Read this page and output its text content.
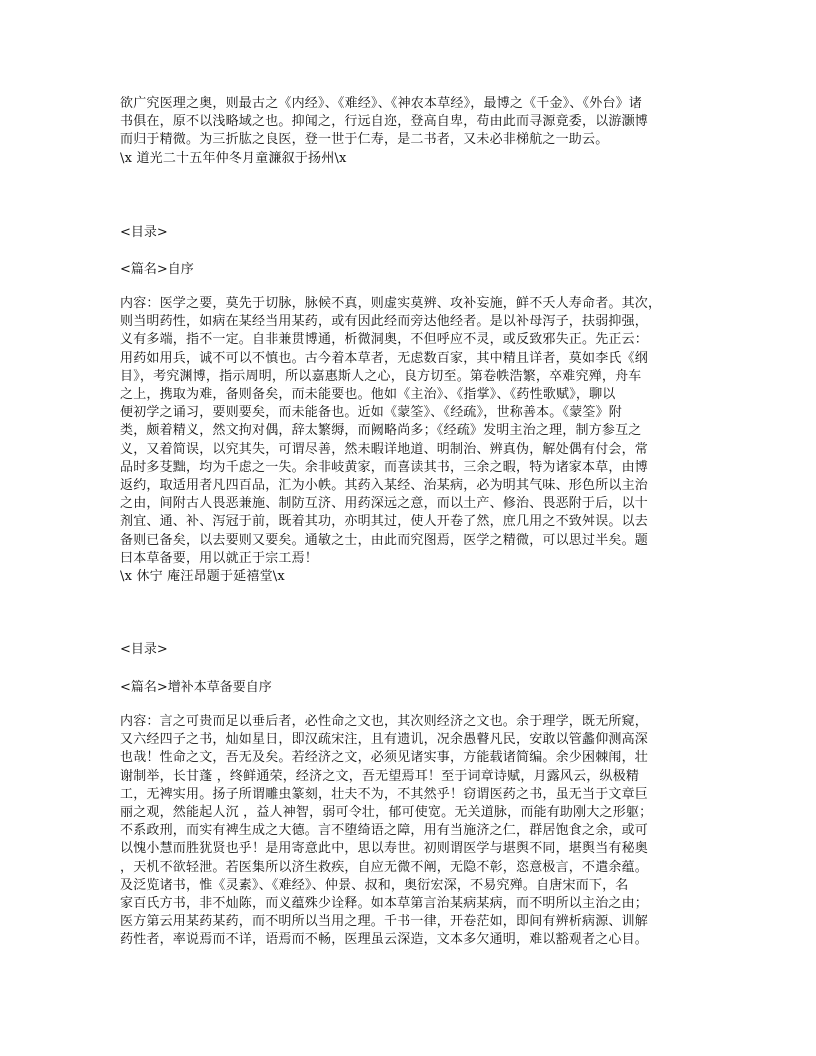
欲广究医理之奥，则最古之《内经》、《难经》、《神农本草经》，最博之《千金》、《外台》诸
书俱在，原不以浅略域之也。抑闻之，行远自迩，登高自卑，苟由此而寻源竟委，以游灏博
而归于精微。为三折肱之良医，登一世于仁寿，是二书者，又未必非梯航之一助云。
\x 道光二十五年仲冬月童濂叙于扬州\x

<目录>

<篇名>自序

内容：医学之要，莫先于切脉，脉候不真，则虚实莫辨、攻补妄施，鲜不夭人寿命者。其次，
则当明药性，如病在某经当用某药，或有因此经而旁达他经者。是以补母泻子，扶弱抑强，
义有多端，指不一定。自非兼贯博通，析微洞奥，不但呼应不灵，或反致邪失正。先正云：
用药如用兵，诚不可以不慎也。古今着本草者，无虑数百家，其中精且详者，莫如李氏《纲
目》，考究渊博，指示周明，所以嘉惠斯人之心，良方切至。第卷帙浩繁，卒难究殚，舟车
之上，携取为难，备则备矣，而未能要也。他如《主治》、《指掌》、《药性歌赋》，聊以
便初学之诵习，要则要矣，而未能备也。近如《蒙筌》、《经疏》，世称善本。《蒙筌》附
类，颇着精义，然文拘对偶，辞太繁缛，而阙略尚多；《经疏》发明主治之理，制方参互之
义，又着简误，以究其失，可谓尽善，然未暇详地道、明制治、辨真伪，解处偶有付会，常
品时多芟黜，均为千虑之一失。余非岐黄家，而喜读其书，三余之暇，特为诸家本草，由博
返约，取适用者凡四百品，汇为小帙。其药入某经、治某病，必为明其气味、形色所以主治
之由，间附古人畏恶兼施、制防互济、用药深远之意，而以土产、修治、畏恶附于后，以十
剂宜、通、补、泻冠于前，既着其功，亦明其过，使人开卷了然，庶几用之不致舛误。以去
备则已备矣，以去要则又要矣。通敏之士，由此而究图焉，医学之精微，可以思过半矣。题
曰本草备要，用以就正于宗工焉！
\x 休宁 庵汪昂题于延禧堂\x

<目录>

<篇名>增补本草备要自序

内容：言之可贵而足以垂后者，必性命之文也，其次则经济之文也。余于理学，既无所窥，
又六经四子之书，灿如星日，即汉疏宋注，且有遗讥，况余愚瞽凡民，安敢以管蠡仰测高深
也哉！性命之文，吾无及矣。若经济之文，必须见诸实事，方能载诸简编。余少困棘闱，壮
谢制举，长甘蓬 ，终鲜通荣，经济之文，吾无望焉耳！至于词章诗赋，月露风云，纵极精
工，无裨实用。扬子所谓雕虫篆刻，壮夫不为，不其然乎！窃谓医药之书，虽无当于文章巨
丽之观，然能起人沉 ，益人神智，弱可令壮，郁可使宽。无关道脉，而能有助刚大之形躯；
不系政刑，而实有裨生成之大德。言不堕绮语之障，用有当施济之仁，群居饱食之余，或可
以愧小慧而胜犹贤也乎！是用寄意此中，思以寿世。初则谓医学与堪舆不同，堪舆当有秘奥
，天机不欲轻泄。若医集所以济生救疾，自应无微不阐，无隐不彰，恣意极言，不遣余蕴。
及泛览诸书，惟《灵素》、《难经》、仲景、叔和，奥衍宏深，不易究殚。自唐宋而下，名
家百氏方书，非不灿陈，而义蕴殊少诠释。如本草第言治某病某病，而不明所以主治之由；
医方第云用某药某药，而不明所以当用之理。千书一律，开卷茫如，即间有辨析病源、训解
药性者，率说焉而不详，语焉而不畅，医理虽云深造，文本多欠通明，难以豁观者之心目。
